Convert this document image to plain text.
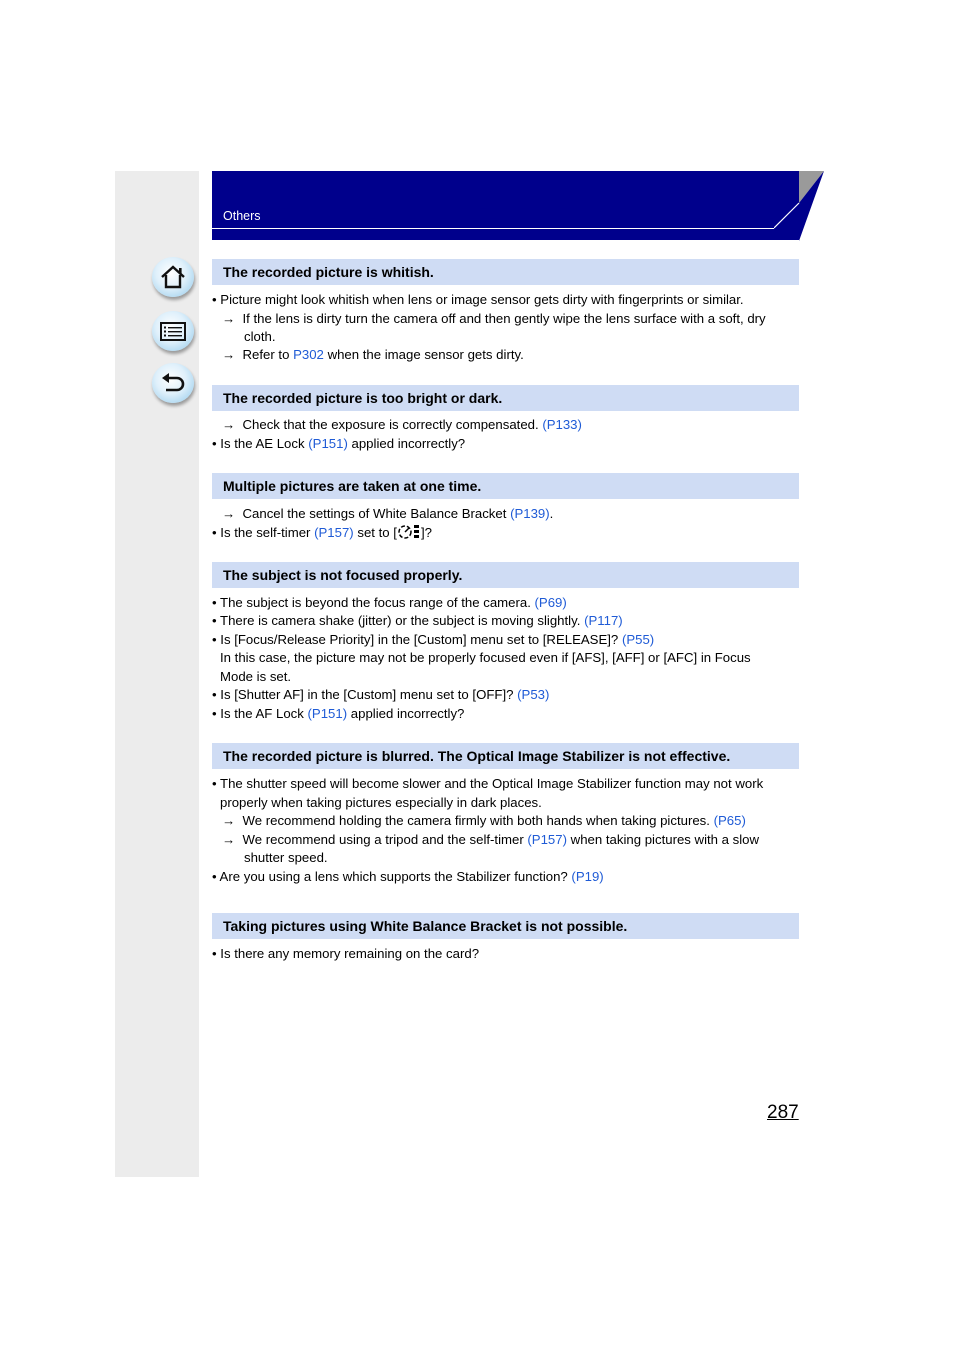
Others
The recorded picture is whitish.
• Picture might look whitish when lens or image sensor gets dirty with fingerprints or similar.
→ If the lens is dirty turn the camera off and then gently wipe the lens surface with a soft, dry
cloth.
→ Refer to P302 when the image sensor gets dirty.
The recorded picture is too bright or dark.
→ Check that the exposure is correctly compensated. (P133)
• Is the AE Lock (P151) applied incorrectly?
Multiple pictures are taken at one time.
→ Cancel the settings of White Balance Bracket (P139).
• Is the self-timer (P157) set to [ ]?
The subject is not focused properly.
• The subject is beyond the focus range of the camera. (P69)
• There is camera shake (jitter) or the subject is moving slightly. (P117)
• Is [Focus/Release Priority] in the [Custom] menu set to [RELEASE]? (P55)
In this case, the picture may not be properly focused even if [AFS], [AFF] or [AFC] in Focus
Mode is set.
• Is [Shutter AF] in the [Custom] menu set to [OFF]? (P53)
• Is the AF Lock (P151) applied incorrectly?
The recorded picture is blurred. The Optical Image Stabilizer is not effective.
• The shutter speed will become slower and the Optical Image Stabilizer function may not work
properly when taking pictures especially in dark places.
→ We recommend holding the camera firmly with both hands when taking pictures. (P65)
→ We recommend using a tripod and the self-timer (P157) when taking pictures with a slow
shutter speed.
• Are you using a lens which supports the Stabilizer function? (P19)
Taking pictures using White Balance Bracket is not possible.
• Is there any memory remaining on the card?
287
